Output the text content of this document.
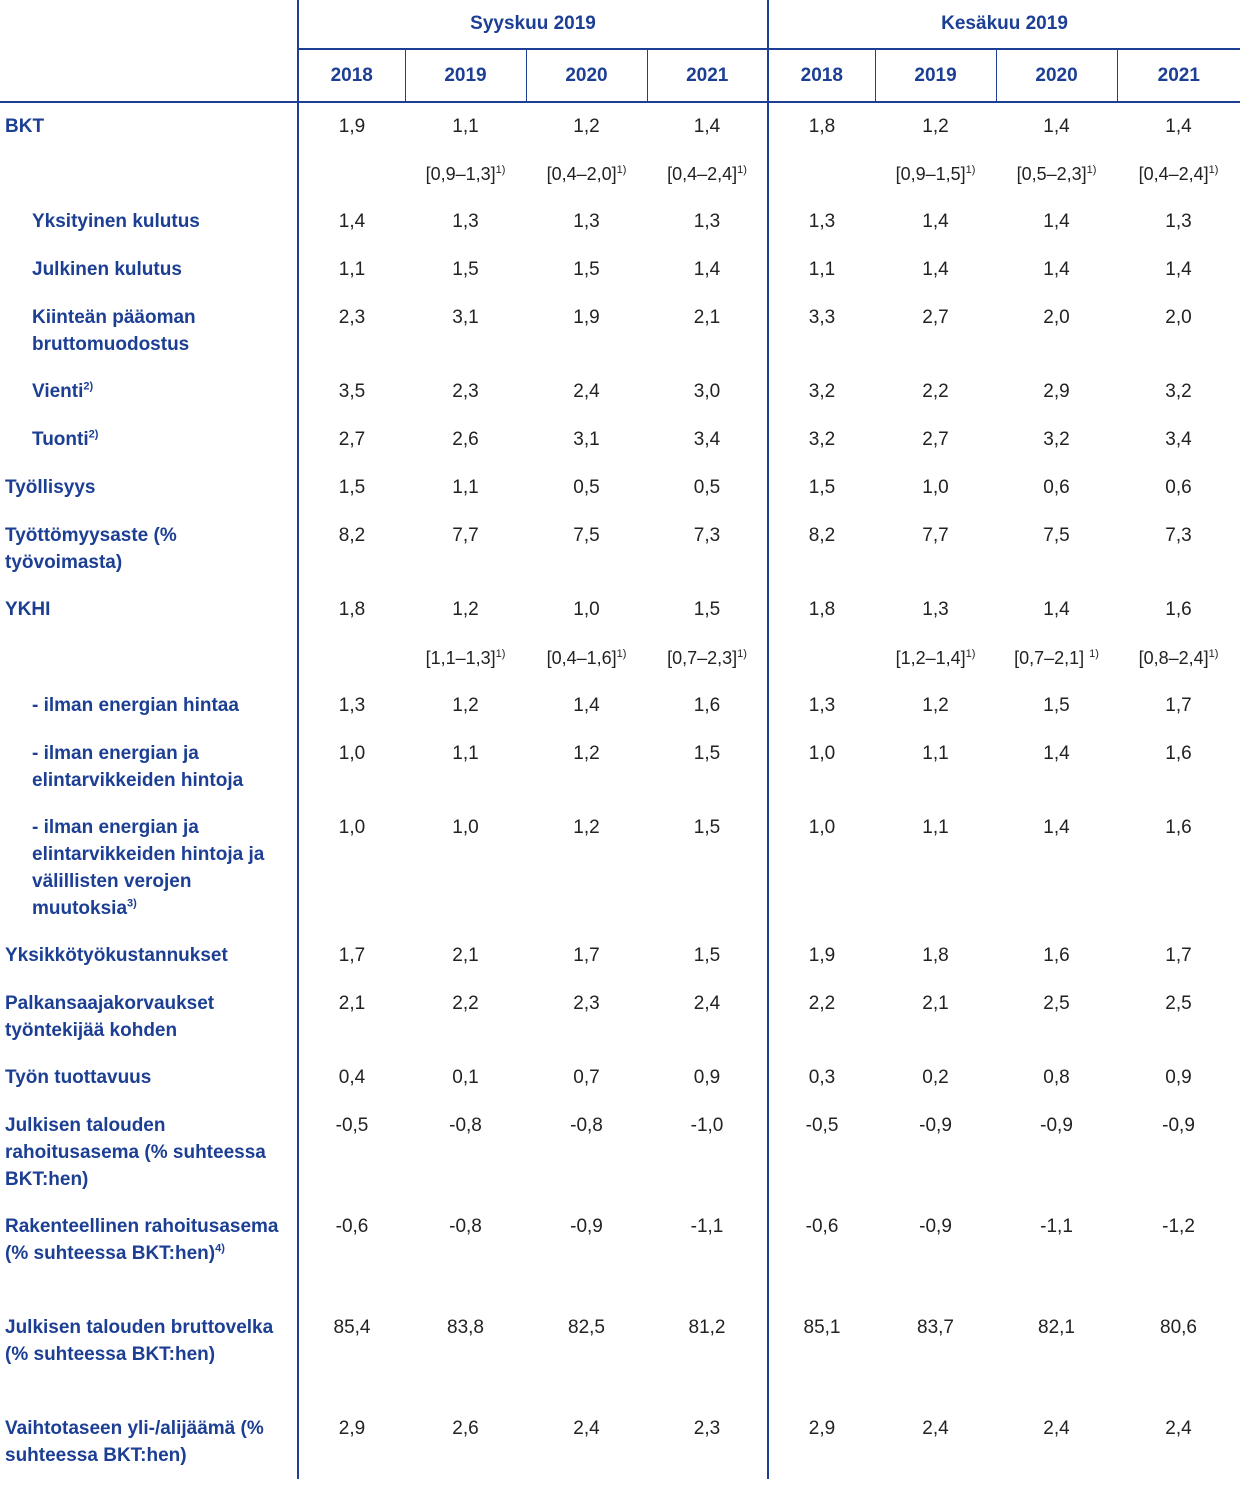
	Syyskuu 2019				Kesäkuu 2019			
	2018	2019	2020	2021	2018	2019	2020	2021
BKT	1,9	1,1	1,2	1,4	1,8	1,2	1,4	1,4
		$[0,9-1,3]^{1)}$	$[0,4-2,0]^{1)}$	$[0,4-2,4]^{1)}$		$[0,9-1,5]^{1)}$	$[0,5-2,3]^{1)}$	$[0,4-2,4]^{1)}$
Yksityinen kulutus	1,4	1,3	1,3	1,3	1,3	1,4	1,4	1,3
Julkinen kulutus	1,1	1,5	1,5	1,4	1,1	1,4	1,4	1,4
Kiinteän pääoman bruttomuodostus	2,3	3,1	1,9	2,1	3,3	2,7	2,0	2,0
Vienti$^{2)}$	3,5	2,3	2,4	3,0	3,2	2,2	2,9	3,2
Tuonti$^{2)}$	2,7	2,6	3,1	3,4	3,2	2,7	3,2	3,4
Työllisyys	1,5	1,1	0,5	0,5	1,5	1,0	0,6	0,6
Työttömyysaste (% työvoimasta)	8,2	7,7	7,5	7,3	8,2	7,7	7,5	7,3
YKHI	1,8	1,2	1,0	1,5	1,8	1,3	1,4	1,6
		$[1,1-1,3]^{1)}$	$[0,4-1,6]^{1)}$	$[0,7-2,3]^{1)}$		$[1,2-1,4]^{1)}$	[0,7–2,1] $^{1)}$	$[0,8-2,4]^{1)}$
- ilman energian hintaa	1,3	1,2	1,4	1,6	1,3	1,2	1,5	1,7
- ilman energian ja elintarvikkeiden hintoja	1,0	1,1	1,2	1,5	1,0	1,1	1,4	1,6
- ilman energian ja elintarvikkeiden hintoja ja välillisten verojen muutoksia$^{3)}$	1,0	1,0	1,2	1,5	1,0	1,1	1,4	1,6
Yksikkötyökustannukset	1,7	2,1	1,7	1,5	1,9	1,8	1,6	1,7
Palkansaajakorvaukset työntekijää kohden	2,1	2,2	2,3	2,4	2,2	2,1	2,5	2,5
Työn tuottavuus	0,4	0,1	0,7	0,9	0,3	0,2	0,8	0,9
Julkisen talouden rahoitusasema (% suhteessa BKT:hen)	-0,5	-0,8	-0,8	-1,0	-0,5	-0,9	-0,9	-0,9
Rakenteellinen rahoitusasema (% suhteessa BKT:hen)$^{4)}$	-0,6	-0,8	-0,9	-1,1	-0,6	-0,9	-1,1	-1,2
Julkisen talouden bruttovelka (% suhteessa BKT:hen)	85,4	83,8	82,5	81,2	85,1	83,7	82,1	80,6
Vaihtotaseen yli-/alijäämä (% suhteessa BKT:hen)	2,9	2,6	2,4	2,3	2,9	2,4	2,4	2,4
